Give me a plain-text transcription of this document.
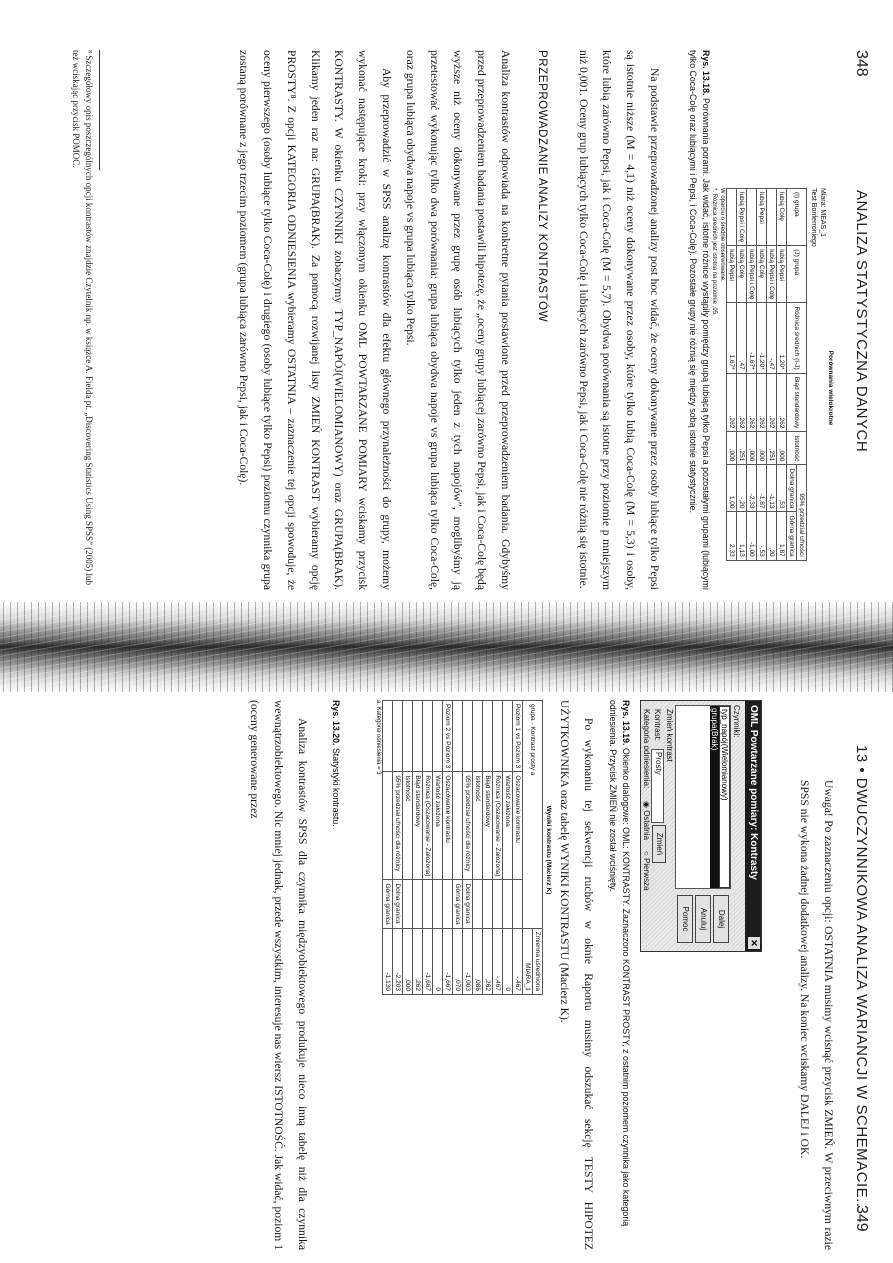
348
ANALIZA STATYSTYCZNA DANYCH
Porównania wielokrotne
Miara: MEAS_1
Test Bonferroniego
(I) grupa	(J) grupa	Różnica średnich (I-J)	Błąd standardowy	Istotność	95% przedział ufności	
					Dolna granica	Górna granica
lubią Colę	lubią Pepsi	1,20*	,262	,000	,53	1,87
	lubią Pepsi i Colę	-,47	,262	,251	-1,13	,20
lubią Pepsi	lubią Colę	-1,20*	,262	,000	-1,87	-,53
	lubią Pepsi i Colę	-1,67*	,262	,000	-2,33	-1,00
lubią Pepsi i Colę	lubią Colę	,47	,262	,251	-,20	1,13
	lubią Pepsi	1,67*	,262	,000	1,00	2,33
W oparciu o średnie obserwowane.
*. Różnica średnich jest istotna na poziomie ,05.
Rys. 13.18. Porównania porami. Jak widać, istotne różnice wystąpiły pomiędzy grupą lubiącą tylko Pepsi a pozostałymi grupami (lubiącymi tylko Coca-Colę oraz lubiącymi i Pepsi, i Coca-Colę). Pozostałe grupy nie różnią się między sobą istotnie statystycznie.

Na podstawie przeprowadzonej analizy post hoc widać, że oceny dokonywane przez osoby lubiące tylko Pepsi są istotnie niższe (M = 4,1) niż oceny dokonywane przez osoby, które tylko lubią Coca-Colę (M = 5,3) i osoby, które lubią zarówno Pepsi, jak i Coca-Colę (M = 5,7). Obydwa porównania są istotne przy poziomie p mniejszym niż 0,001. Oceny grup lubiących tylko Coca-Colę i lubiących zarówno Pepsi, jak i Coca-Colę nie różnią się istotnie.

PRZEPROWADZANIE ANALIZY KONTRASTÓW

Analiza kontrastów odpowiada na konkretne pytania postawione przed przeprowadzeniem badania. Gdybyśmy przed przeprowadzeniem badania postawili hipotezę, że „oceny grupy lubiącej zarówno Pepsi, jak i Coca-Colę będą wyższe niż oceny dokonywane przez grupę osób lubiących tylko jeden z tych napojów”, moglibyśmy ją przetestować wykonując tylko dwa porównania: grupa lubiąca obydwa napoje vs grupa lubiąca tylko Coca-Colę, oraz grupa lubiąca obydwa napoje vs grupa lubiąca tylko Pepsi.

Aby przeprowadzić w SPSS analizę kontrastów dla efektu głównego przynależności do grupy, możemy wykonać następujące kroki: przy włączonym okienku OML POWTARZANE POMIARY wciskamy przycisk KONTRASTY. W okienku CZYNNIKI zobaczymy TYP_NAPÓJ(WIELOMIANOWY) oraz GRUPA(BRAK). Klikamy jeden raz na: GRUPA(BRAK). Za pomocą rozwijanej listy ZMIEŃ KONTRAST wybieramy opcję PROSTY⁸. Z opcji KATEGORIA ODNIESIENIA wybieramy OSTATNIA – zaznaczenie tej opcji spowoduje, że oceny pierwszego (osoby lubiące tylko Coca-Colę) i drugiego (osoby lubiące tylko Pepsi) poziomu czynnika grupa zostaną porównane z jego trzecim poziomem (grupa lubiąca zarówno Pepsi, jak i Coca-Colę).

⁸ Szczegółowy opis poszczególnych opcji kontrastów znajdzie Czytelnik np. w książce A. Fielda pt. „Discovering Statistics Using SPSS” (2005) lub też wciskając przycisk POMOC.
13 • DWUCZYNNIKOWA ANALIZA WARIANCJI W SCHEMACIE...
349

Uwaga! Po zaznaczeniu opcji: OSTATNIA musimy wcisnąć przycisk ZMIEŃ. W przeciwnym razie SPSS nie wykona żadnej dodatkowej analizy. Na koniec wciskamy DALEJ i OK.

OML Powtarzane pomiary: Kontrasty
✕
Czynniki:
typ_napój(Wielomianowy)
grupa(Brak)
Dalej
Anuluj
Pomoc
Zmień kontrast
Kontrast:
Prosty
Zmień
Kategoria odniesienia:
◉ Ostatnia
○ Pierwsza
Rys. 13.19. Okienko dialogowe: OML: KONTRASTY. Zaznaczono KONTRAST PROSTY, z ostatnim poziomem czynnika jako kategorią odniesienia. Przycisk ZMIEŃ nie został wciśnięty.

Po wykonaniu tej sekwencji ruchów w oknie Raportu musimy odszukać sekcję TESTY HIPOTEZ UŻYTKOWNIKA oraz tabelę WYNIKI KONTRASTU (Macierz K).

Wyniki kontrastu (Macierz K)
grupa - Kontrast prosty a			Zmienna uśredniona
			MIARA_1
Poziom 1 vs Poziom 3	Oszacowanie kontrastu		-,467
	Wartość założona		0
	Różnica (Oszacowanie - Założona)		-,467
	Błąd standardowy		,262
	Istotność		,086
	95% przedział ufności dla różnicy	Dolna granica	-1,003
		Górna granica	,070
Poziom 2 vs Poziom 3	Oszacowanie kontrastu		-1,667
	Wartość założona		0
	Różnica (Oszacowanie - Założona)		-1,667
	Błąd standardowy		,262
	Istotność		,000
	95% przedział ufności dla różnicy	Dolna granica	-2,203
		Górna granica	-1,130
a. Kategoria odniesienia = 3
Rys. 13.20. Statystyki kontrastu.

Analiza kontrastów SPSS dla czynnika międzyobiektowego produkuje nieco inną tabelę niż dla czynnika wewnątrzobiektowego. Nic mniej jednak, przede wszystkim, interesuje nas wiersz ISTOTNOŚĆ. Jak widać, poziom 1 (oceny generowane przez
